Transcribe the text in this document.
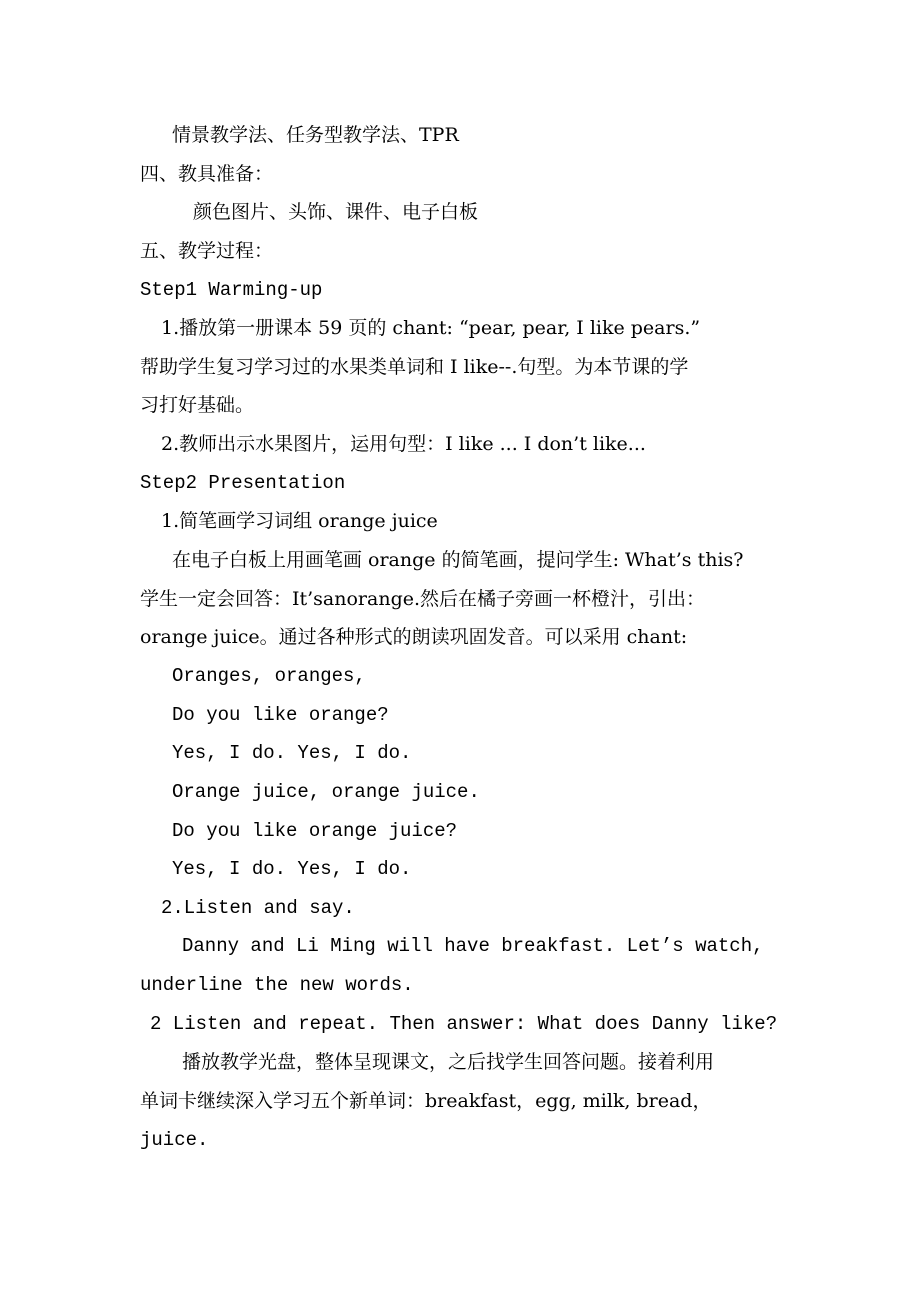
情景教学法、任务型教学法、TPR
四、教具准备：
颜色图片、头饰、课件、电子白板
五、教学过程：
Step1 Warming-up
1.播放第一册课本 59 页的 chant: “pear, pear, I like pears.”
帮助学生复习学习过的水果类单词和 I like--.句型。为本节课的学
习打好基础。
2.教师出示水果图片，运用句型：I like ... I don’t like...
Step2 Presentation
1.简笔画学习词组 orange juice
在电子白板上用画笔画 orange 的简笔画，提问学生: What’s this?
学生一定会回答：It’sanorange.然后在橘子旁画一杯橙汁，引出：
orange juice。通过各种形式的朗读巩固发音。可以采用 chant:
Oranges, oranges,
Do you like orange?
Yes, I do. Yes, I do.
Orange juice, orange juice.
Do you like orange juice?
Yes, I do. Yes, I do.
2.Listen and say.
Danny and Li Ming will have breakfast. Let’s watch,
underline the new words.
2 Listen and repeat. Then answer: What does Danny like?
播放教学光盘，整体呈现课文，之后找学生回答问题。接着利用
单词卡继续深入学习五个新单词：breakfast，egg, milk, bread，
juice.
